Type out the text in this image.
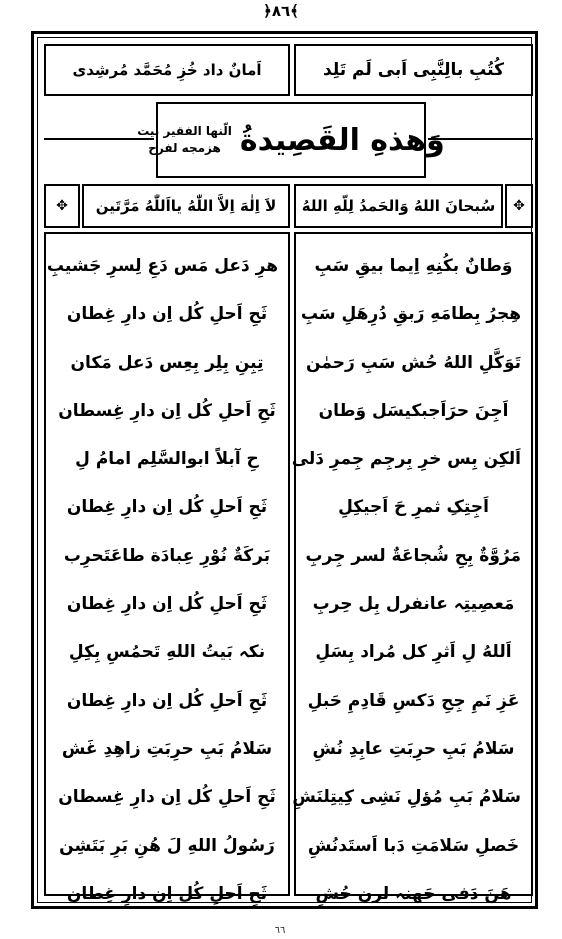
﴿٨٦﴾
کُتُبِ بالِنَّبِی اَبی لَم تَلِد
اَمانٌ داد خُزِ مُحَمَّد مُرشِدی
وَهذهِ القَصِيدةُ
الّنها الفقیر بیت
هزمجه لفرح
✥
سُبحانَ اللهُ وَالحَمدُ لِلّهِ اللهُ
لاَ اِلٰهَ اِلاَّ اللّٰهُ یااَللّٰهُ مَرَّتَین
✥
وَطانٌ بکُنِهِ اِیما بیقِ سَبِ
هِجرُ بِطامَهِ رَبقِ دُرِهَلِ سَبِ
تَوَکَّلِ اللهُ حُش سَبِ رَحمٰن
اَجِنَ حرَاَجبکیسَل وَطان
اَلکِن بِس خرِ بِرجِم جِمرِ دَلی
اَجِتِکِ ثمرِ حَ اَجیکِلِ
مَرُوَّةٌ بِحِ شُجاعَةٌ لسر جِربِ
مَعصِیتِہ عانفرل بِل حِربِ
اَللهُ لِ اَثرِ کل مُراد بِسَلِ
عَزِ نَمِ جِحِ دَکسِ قَادِمِ حَبلِ
سَلامُ بَبِ حرِبَتِ عابِدِ نُشِ
سَلامُ بَبِ مُؤلِ نَشِی کِیتِلنَشِ
خَصلِ سَلامَتِ دَبا اَستَدنُشِ
هَنَ دَفی حَهنہ لرن حُشِ
هرِ دَعل مَس دَعِ لِسرِ جَشیبِ
ثَحِ اَحلِ کُل اِن دارِ غِطان
تِبِنِ بِلِر بِعِس دَعل مَکان
ثَحِ اَحلِ کُل اِن دارِ غِسطان
حِ آبلاً ابوالسَّلِم امامُ لِ
ثَحِ اَحلِ کُل اِن دارِ غِطان
بَرکَةٌ نُوْرِ عِبادَة طاعَتَحرِب
ثَحِ اَحلِ کُل اِن دارِ غِطان
نکہ بَیتُ اللهِ تَحمُسِ بِکِلِ
ثَحِ اَحلِ کُل اِن دارِ غِطان
سَلامُ بَبِ حرِبَتِ زاهِدِ غَش
ثَحِ اَحلِ کُل اِن دارِ غِسطان
رَسُولُ اللهِ لَ هُنِ بَرِ بَتَشِن
ثَحِ اَحلِ کُل اِن دارِ غِطان
٦٦
